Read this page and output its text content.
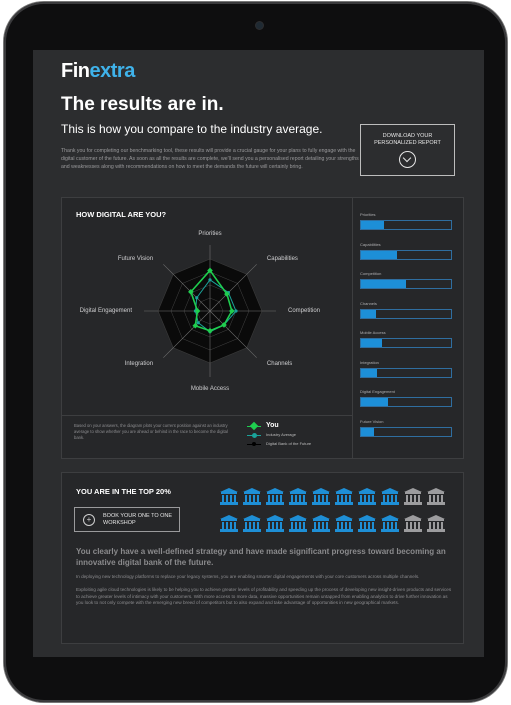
Finextra
The results are in.
This is how you compare to the industry average.
Thank you for completing our benchmarking tool, these results will provide a crucial gauge for your plans to fully engage with the digital customer of the future. As soon as all the results are complete, we'll send you a personalised report detailing your strengths and weaknesses along with recommendations on how to meet the demands the future will certainly bring.
DOWNLOAD YOUR PERSONALIZED REPORT
HOW DIGITAL ARE YOU?
Priorities
Capabilities
Competition
Channels
Mobile Access
Integration
Digital Engagement
Future Vision
Based on your answers, the diagram plots your current position against an industry average to show whether you are ahead or behind in the race to become the digital bank.
You
Industry Average
Digital Bank of the Future
Priorities
Capabilities
Competition
Channels
Mobile Access
Integration
Digital Engagement
Future Vision
YOU ARE IN THE TOP 20%
+	BOOK YOUR ONE TO ONE WORKSHOP
You clearly have a well-defined strategy and have made significant progress toward becoming an innovative digital bank of the future.
In deploying new technology platforms to replace your legacy systems, you are enabling smarter digital engagements with your core customers across multiple channels.
Exploiting agile cloud technologies is likely to be helping you to achieve greater levels of profitability and speeding up the process of developing new insight-driven products and services to achieve greater levels of intimacy with your customers. With more access to more data, massive opportunities remain untapped from enabling analytics to drive further innovation as you look to not only compete with the emerging new breed of competitors but to also expand and take advantage of opportunities in new geographical markets.
